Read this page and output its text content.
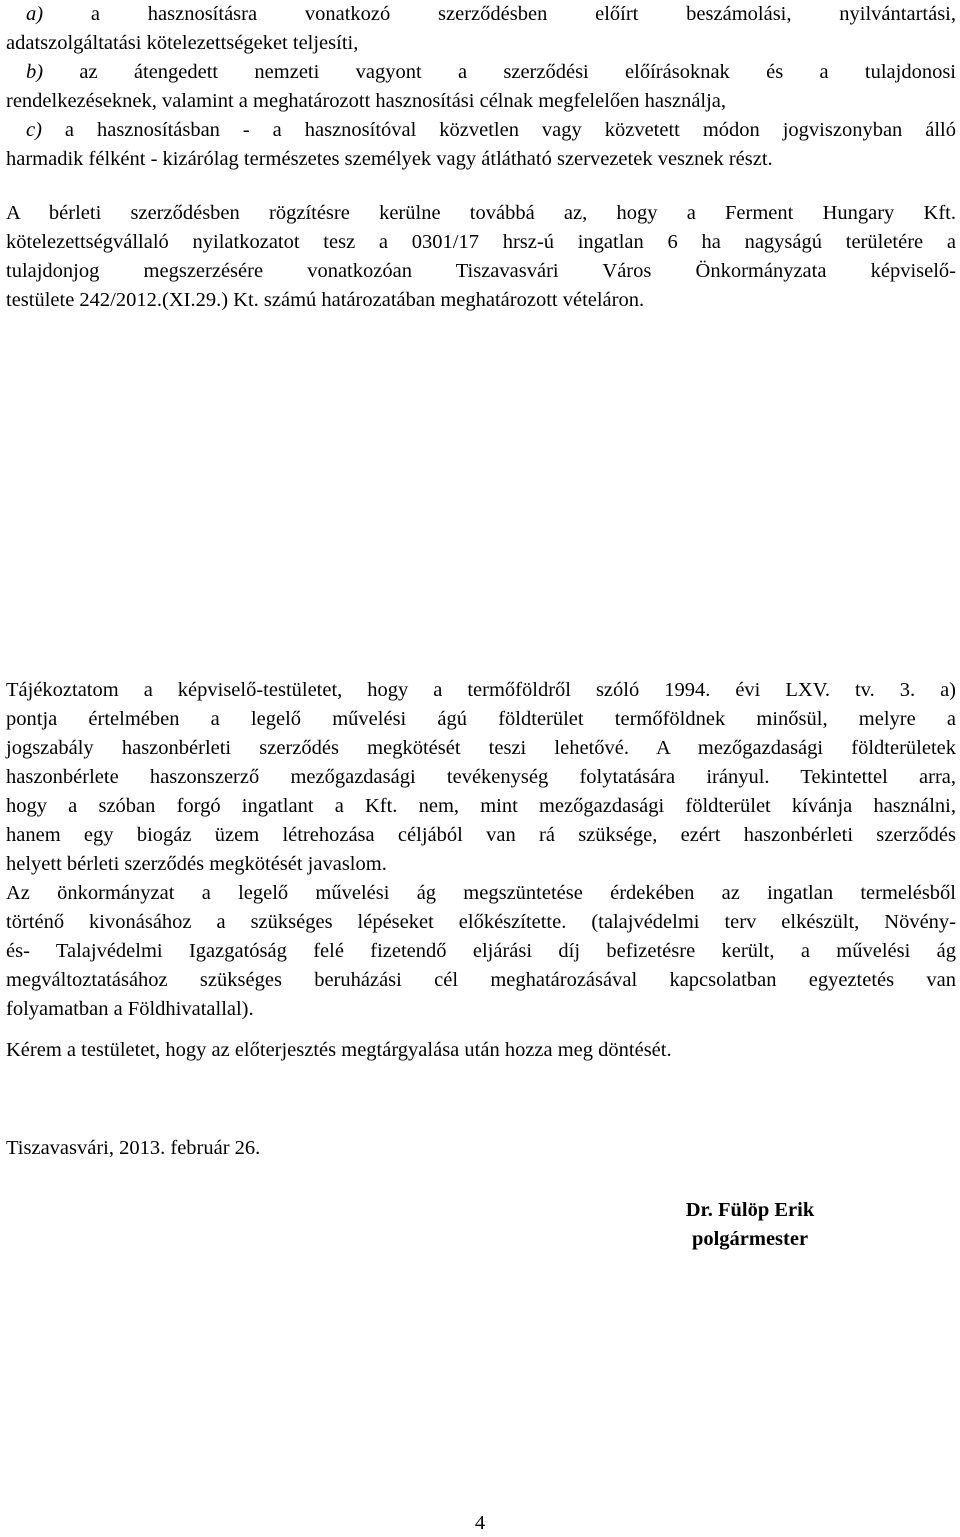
a) a hasznosításra vonatkozó szerződésben előírt beszámolási, nyilvántartási,
adatszolgáltatási kötelezettségeket teljesíti,
b) az átengedett nemzeti vagyont a szerződési előírásoknak és a tulajdonosi
rendelkezéseknek, valamint a meghatározott hasznosítási célnak megfelelően használja,
c) a hasznosításban - a hasznosítóval közvetlen vagy közvetett módon jogviszonyban álló
harmadik félként - kizárólag természetes személyek vagy átlátható szervezetek vesznek részt.
A bérleti szerződésben rögzítésre kerülne továbbá az, hogy a Ferment Hungary Kft.
kötelezettségvállaló nyilatkozatot tesz a 0301/17 hrsz-ú ingatlan 6 ha nagyságú területére a
tulajdonjog megszerzésére vonatkozóan Tiszavasvári Város Önkormányzata képviselő-
testülete 242/2012.(XI.29.) Kt. számú határozatában meghatározott vételáron.
Tájékoztatom a képviselő-testületet, hogy a termőföldről szóló 1994. évi LXV. tv. 3. a)
pontja értelmében a legelő művelési ágú földterület termőföldnek minősül, melyre a
jogszabály haszonbérleti szerződés megkötését teszi lehetővé. A mezőgazdasági földterületek
haszonbérlete haszonszerző mezőgazdasági tevékenység folytatására irányul. Tekintettel arra,
hogy a szóban forgó ingatlant a Kft. nem, mint mezőgazdasági földterület kívánja használni,
hanem egy biogáz üzem létrehozása céljából van rá szüksége, ezért haszonbérleti szerződés
helyett bérleti szerződés megkötését javaslom.
Az önkormányzat a legelő művelési ág megszüntetése érdekében az ingatlan termelésből
történő kivonásához a szükséges lépéseket előkészítette. (talajvédelmi terv elkészült, Növény-
és- Talajvédelmi Igazgatóság felé fizetendő eljárási díj befizetésre került, a művelési ág
megváltoztatásához szükséges beruházási cél meghatározásával kapcsolatban egyeztetés van
folyamatban a Földhivatallal).
Kérem a testületet, hogy az előterjesztés megtárgyalása után hozza meg döntését.
Tiszavasvári, 2013. február 26.
Dr. Fülöp Erik
polgármester
4
